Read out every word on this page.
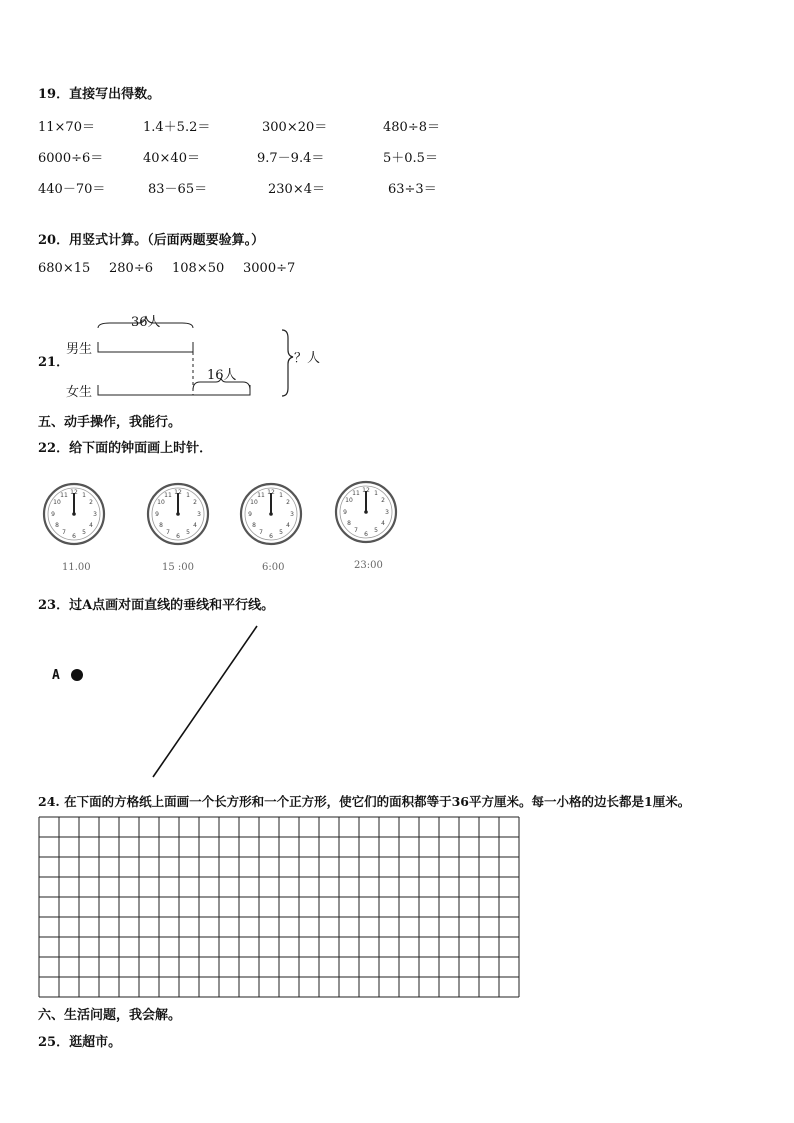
19．直接写出得数。
11×70＝	1.4＋5.2＝	300×20＝	480÷8＝
6000÷6＝	40×40＝	9.7－9.4＝	5＋0.5＝
440－70＝	83－65＝	230×4＝	63÷3＝
20．用竖式计算。（后面两题要验算。）
680×15 280÷6 108×50 3000÷7
21．
男生
女生
36人
16人
？人
五、动手操作，我能行。
22．给下面的钟面画上时针．
12 1
2
3
4
5
6
7
8
9
10
11	12 1
2
3
4
5
6
7
8
9
10
11	12 1
2
3
4
5
6
7
8
9
10
11
12 1
2
3
4
5
6
7
8
9
10
11
11.00	15 :00	6:00	23:00
23．过A点画对面直线的垂线和平行线。
A
24. 在下面的方格纸上面画一个长方形和一个正方形，使它们的面积都等于36平方厘米。每一小格的边长都是1厘米。
六、生活问题，我会解。
25．逛超市。
